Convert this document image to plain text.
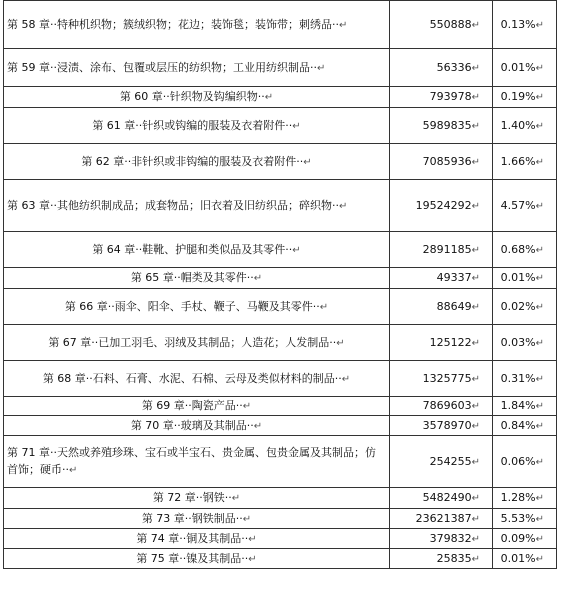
第 58 章··特种机织物；簇绒织物；花边；装饰毯；装饰带；刺绣品··↵	550888↵	0.13%↵
第 59 章··浸渍、涂布、包覆或层压的纺织物；工业用纺织制品··↵	56336↵	0.01%↵
第 60 章··针织物及钩编织物··↵	793978↵	0.19%↵
第 61 章··针织或钩编的服装及衣着附件··↵	5989835↵	1.40%↵
第 62 章··非针织或非钩编的服装及衣着附件··↵	7085936↵	1.66%↵
第 63 章··其他纺织制成品；成套物品；旧衣着及旧纺织品；碎织物··↵	19524292↵	4.57%↵
第 64 章··鞋靴、护腿和类似品及其零件··↵	2891185↵	0.68%↵
第 65 章··帽类及其零件··↵	49337↵	0.01%↵
第 66 章··雨伞、阳伞、手杖、鞭子、马鞭及其零件··↵	88649↵	0.02%↵
第 67 章··已加工羽毛、羽绒及其制品；人造花；人发制品··↵	125122↵	0.03%↵
第 68 章··石料、石膏、水泥、石棉、云母及类似材料的制品··↵	1325775↵	0.31%↵
第 69 章··陶瓷产品··↵	7869603↵	1.84%↵
第 70 章··玻璃及其制品··↵	3578970↵	0.84%↵
第 71 章··天然或养殖珍珠、宝石或半宝石、贵金属、包贵金属及其制品；仿首饰；硬币··↵	254255↵	0.06%↵
第 72 章··钢铁··↵	5482490↵	1.28%↵
第 73 章··钢铁制品··↵	23621387↵	5.53%↵
第 74 章··铜及其制品··↵	379832↵	0.09%↵
第 75 章··镍及其制品··↵	25835↵	0.01%↵
